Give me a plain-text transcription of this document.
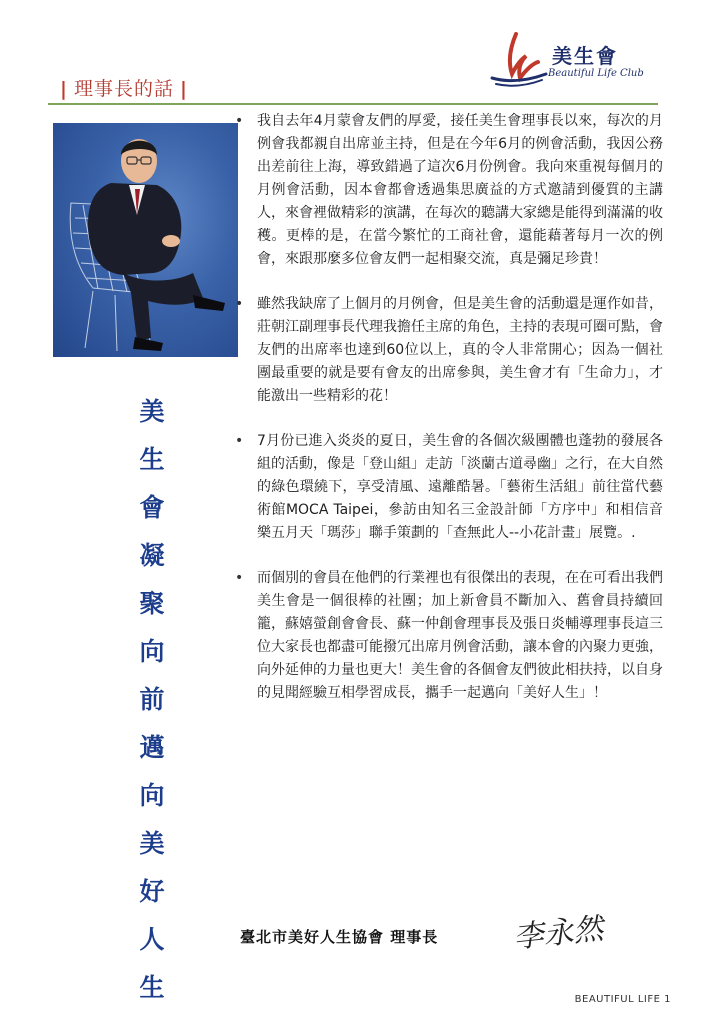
| 理事長的話 |
美生會
Beautiful Life Club
美
生
會
凝
聚
向
前
邁
向
美
好
人
生

• 我自去年4月蒙會友們的厚愛，接任美生會理事長以來，每次的月例會我都親自出席並主持，但是在今年6月的例會活動，我因公務出差前往上海，導致錯過了這次6月份例會。我向來重視每個月的月例會活動，因本會都會透過集思廣益的方式邀請到優質的主講人，來會裡做精彩的演講，在每次的聽講大家總是能得到滿滿的收穫。更棒的是，在當今繁忙的工商社會，還能藉著每月一次的例會，來跟那麼多位會友們一起相聚交流，真是彌足珍貴！

• 雖然我缺席了上個月的月例會，但是美生會的活動還是運作如昔，莊朝江副理事長代理我擔任主席的角色，主持的表現可圈可點，會友們的出席率也達到60位以上，真的令人非常開心；因為一個社團最重要的就是要有會友的出席參與，美生會才有「生命力」，才能激出一些精彩的花！

• 7月份已進入炎炎的夏日，美生會的各個次級團體也蓬勃的發展各組的活動，像是「登山組」走訪「淡蘭古道尋幽」之行，在大自然的綠色環繞下，享受清風、遠離酷暑。「藝術生活組」前往當代藝術館MOCA Taipei，參訪由知名三金設計師「方序中」和相信音樂五月天「瑪莎」聯手策劃的「查無此人--小花計畫」展覽。.

• 而個別的會員在他們的行業裡也有很傑出的表現，在在可看出我們美生會是一個很棒的社團；加上新會員不斷加入、舊會員持續回籠，蘇嬉螢創會會長、蘇一仲創會理事長及張日炎輔導理事長這三位大家長也都盡可能撥冗出席月例會活動，讓本會的內聚力更強，向外延伸的力量也更大！美生會的各個會友們彼此相扶持，以自身的見聞經驗互相學習成長，攜手一起邁向「美好人生」！

臺北市美好人生協會 理事長 李永然
BEAUTIFUL LIFE 1
